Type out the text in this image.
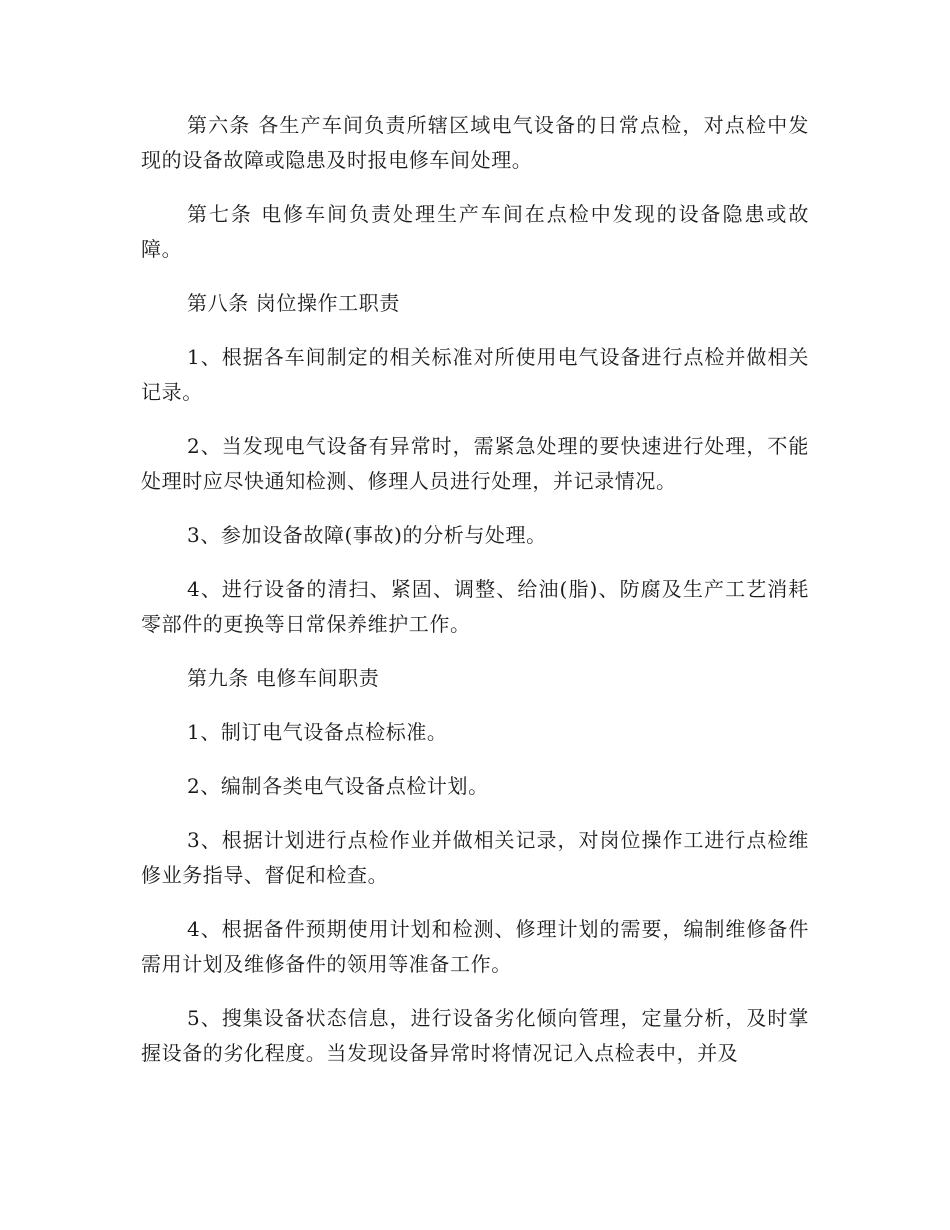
第六条 各生产车间负责所辖区域电气设备的日常点检，对点检中发现的设备故障或隐患及时报电修车间处理。

第七条 电修车间负责处理生产车间在点检中发现的设备隐患或故障。

第八条 岗位操作工职责

1、根据各车间制定的相关标准对所使用电气设备进行点检并做相关记录。

2、当发现电气设备有异常时，需紧急处理的要快速进行处理，不能处理时应尽快通知检测、修理人员进行处理，并记录情况。

3、参加设备故障(事故)的分析与处理。

4、进行设备的清扫、紧固、调整、给油(脂)、防腐及生产工艺消耗零部件的更换等日常保养维护工作。

第九条 电修车间职责

1、制订电气设备点检标准。

2、编制各类电气设备点检计划。

3、根据计划进行点检作业并做相关记录，对岗位操作工进行点检维修业务指导、督促和检查。

4、根据备件预期使用计划和检测、修理计划的需要，编制维修备件需用计划及维修备件的领用等准备工作。

5、搜集设备状态信息，进行设备劣化倾向管理，定量分析，及时掌握设备的劣化程度。当发现设备异常时将情况记入点检表中，并及
